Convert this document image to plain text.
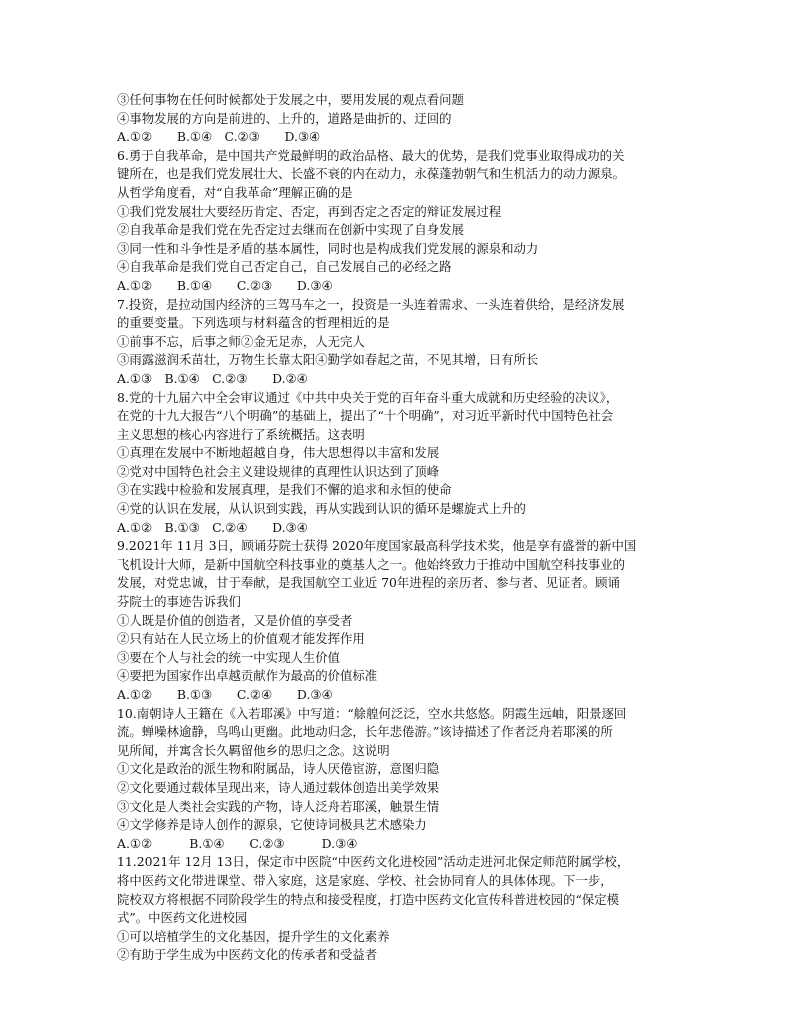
③任何事物在任何时候都处于发展之中，要用发展的观点看问题
④事物发展的方向是前进的、上升的，道路是曲折的、迂回的
A.①②　　B.①④　C.②③　　D.③④
6.勇于自我革命，是中国共产党最鲜明的政治品格、最大的优势，是我们党事业取得成功的关
键所在，也是我们党发展壮大、长盛不衰的内在动力，永葆蓬勃朝气和生机活力的动力源泉。
从哲学角度看，对“自我革命”理解正确的是
①我们党发展壮大要经历肯定、否定，再到否定之否定的辩证发展过程
②自我革命是我们党在先否定过去继而在创新中实现了自身发展
③同一性和斗争性是矛盾的基本属性，同时也是构成我们党发展的源泉和动力
④自我革命是我们党自己否定自己，自己发展自己的必经之路
A.①②　　B.①④　　C.②③　　D.③④
7.投资，是拉动国内经济的三驾马车之一，投资是一头连着需求、一头连着供给，是经济发展
的重要变量。下列选项与材料蕴含的哲理相近的是
①前事不忘，后事之师②金无足赤，人无完人
③雨露滋润禾苗壮，万物生长靠太阳④勤学如春起之苗，不见其增，日有所长
A.①③　B.①④　C.②③　　D.②④
8.党的十九届六中全会审议通过《中共中央关于党的百年奋斗重大成就和历史经验的决议》，
在党的十九大报告“八个明确”的基础上，提出了“十个明确”，对习近平新时代中国特色社会
主义思想的核心内容进行了系统概括。这表明
①真理在发展中不断地超越自身，伟大思想得以丰富和发展
②党对中国特色社会主义建设规律的真理性认识达到了顶峰
③在实践中检验和发展真理，是我们不懈的追求和永恒的使命
④党的认识在发展，从认识到实践，再从实践到认识的循环是螺旋式上升的
A.①②　B.①③　C.②④　　D.③④
9.2021年 11月 3日，顾诵芬院士获得 2020年度国家最高科学技术奖，他是享有盛誉的新中国
飞机设计大师，是新中国航空科技事业的奠基人之一。他始终致力于推动中国航空科技事业的
发展，对党忠诚，甘于奉献，是我国航空工业近 70年进程的亲历者、参与者、见证者。顾诵
芬院士的事迹告诉我们
①人既是价值的创造者，又是价值的享受者
②只有站在人民立场上的价值观才能发挥作用
③要在个人与社会的统一中实现人生价值
④要把为国家作出卓越贡献作为最高的价值标准
A.①②　　B.①③　　C.②④　　D.③④
10.南朝诗人王籍在《入若耶溪》中写道：“艅艎何泛泛，空水共悠悠。阴霞生远岫，阳景逐回
流。蝉噪林逾静，鸟鸣山更幽。此地动归念，长年悲倦游。”该诗描述了作者泛舟若耶溪的所
见所闻，并寓含长久羁留他乡的思归之念。这说明
①文化是政治的派生物和附属品，诗人厌倦宦游，意图归隐
②文化要通过载体呈现出来，诗人通过载体创造出美学效果
③文化是人类社会实践的产物，诗人泛舟若耶溪，触景生情
④文学修养是诗人创作的源泉，它使诗词极具艺术感染力
A.①②　　　B.①④　　C.②③　　　D.③④
11.2021年 12月 13日，保定市中医院“中医药文化进校园”活动走进河北保定师范附属学校，
将中医药文化带进课堂、带入家庭，这是家庭、学校、社会协同育人的具体体现。下一步，
院校双方将根据不同阶段学生的特点和接受程度，打造中医药文化宣传科普进校园的“保定模
式”。中医药文化进校园
①可以培植学生的文化基因，提升学生的文化素养
②有助于学生成为中医药文化的传承者和受益者
